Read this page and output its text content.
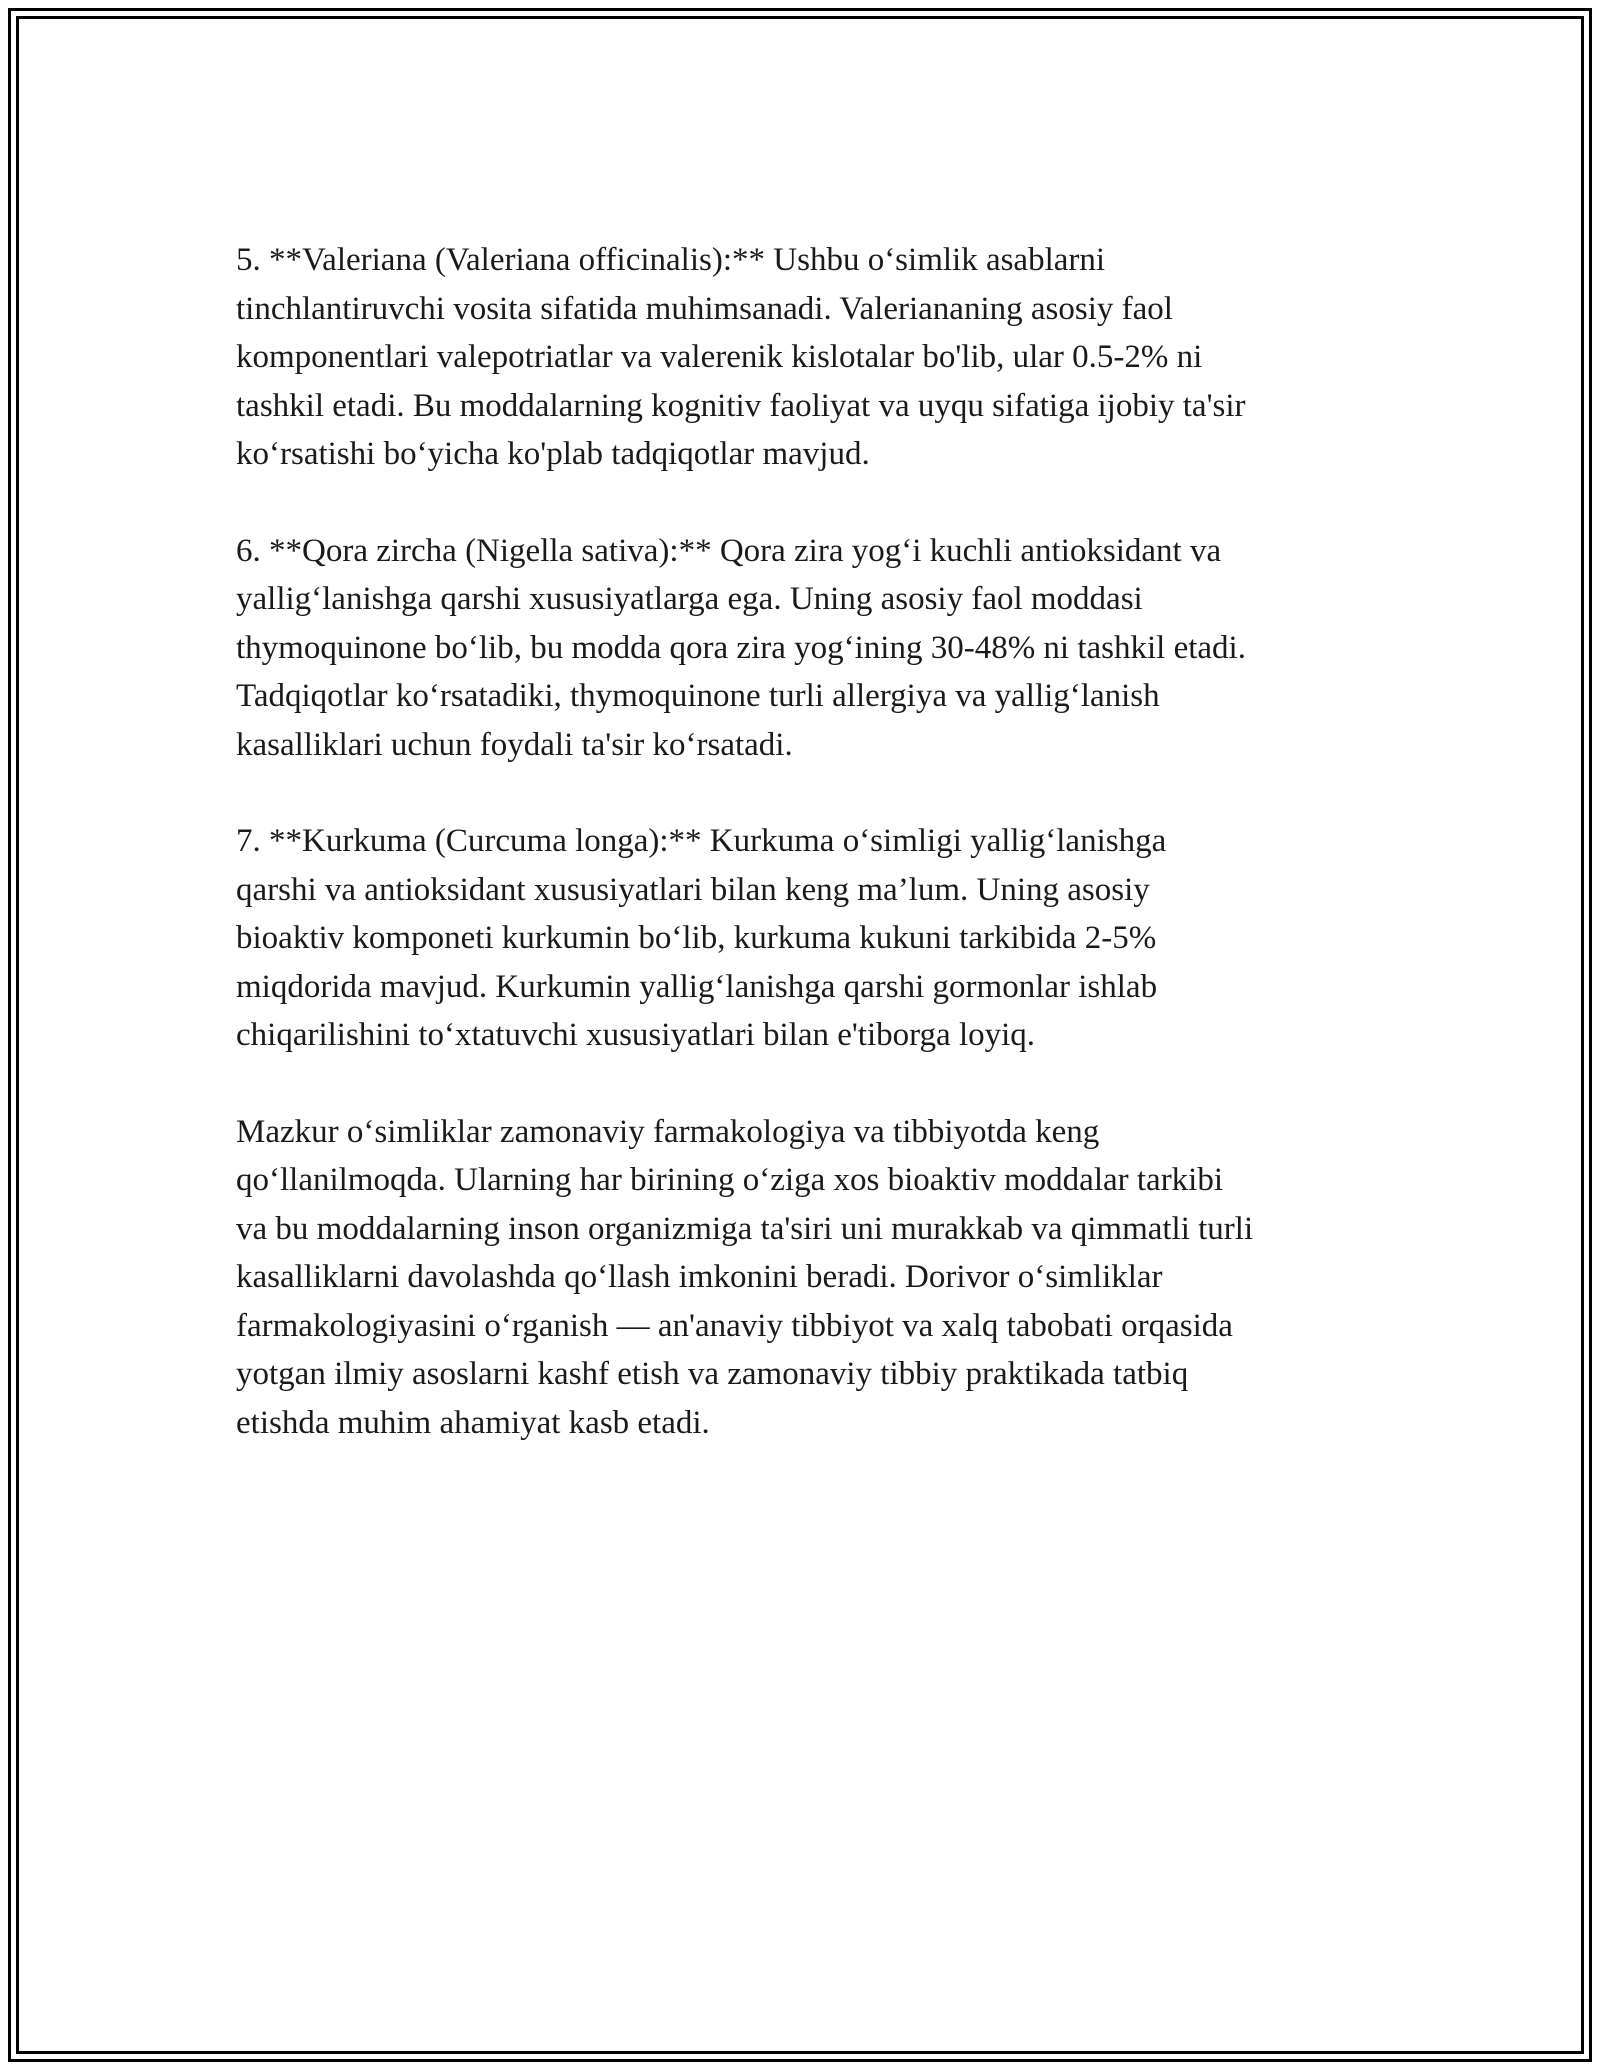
5. **Valeriana (Valeriana officinalis):** Ushbu o‘simlik asablarni
tinchlantiruvchi vosita sifatida muhimsanadi. Valeriananing asosiy faol
komponentlari valepotriatlar va valerenik kislotalar bo'lib, ular 0.5-2% ni
tashkil etadi. Bu moddalarning kognitiv faoliyat va uyqu sifatiga ijobiy ta'sir
ko‘rsatishi bo‘yicha ko'plab tadqiqotlar mavjud.

6. **Qora zircha (Nigella sativa):** Qora zira yog‘i kuchli antioksidant va
yallig‘lanishga qarshi xususiyatlarga ega. Uning asosiy faol moddasi
thymoquinone bo‘lib, bu modda qora zira yog‘ining 30-48% ni tashkil etadi.
Tadqiqotlar ko‘rsatadiki, thymoquinone turli allergiya va yallig‘lanish
kasalliklari uchun foydali ta'sir ko‘rsatadi.

7. **Kurkuma (Curcuma longa):** Kurkuma o‘simligi yallig‘lanishga
qarshi va antioksidant xususiyatlari bilan keng ma’lum. Uning asosiy
bioaktiv komponeti kurkumin bo‘lib, kurkuma kukuni tarkibida 2-5%
miqdorida mavjud. Kurkumin yallig‘lanishga qarshi gormonlar ishlab
chiqarilishini to‘xtatuvchi xususiyatlari bilan e'tiborga loyiq.

Mazkur o‘simliklar zamonaviy farmakologiya va tibbiyotda keng
qo‘llanilmoqda. Ularning har birining o‘ziga xos bioaktiv moddalar tarkibi
va bu moddalarning inson organizmiga ta'siri uni murakkab va qimmatli turli
kasalliklarni davolashda qo‘llash imkonini beradi. Dorivor o‘simliklar
farmakologiyasini o‘rganish — an'anaviy tibbiyot va xalq tabobati orqasida
yotgan ilmiy asoslarni kashf etish va zamonaviy tibbiy praktikada tatbiq
etishda muhim ahamiyat kasb etadi.
